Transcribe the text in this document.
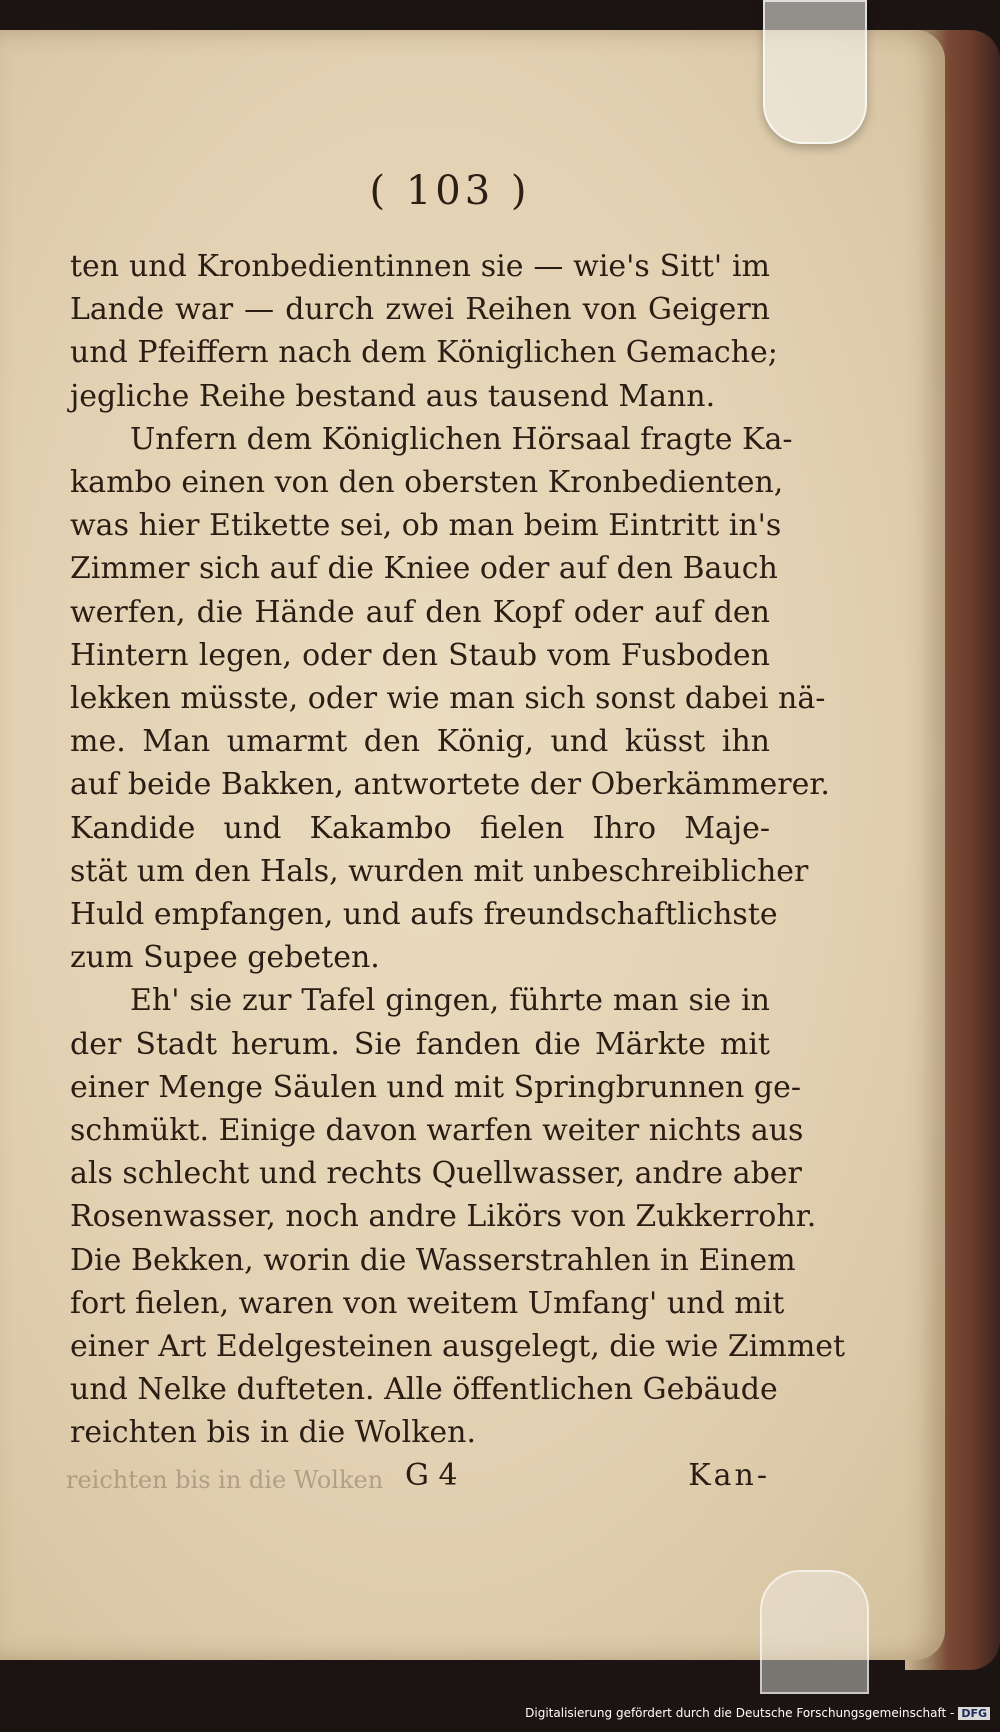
( 103 )
ten und Kronbedientinnen sie — wie's Sitt' im
Lande war — durch zwei Reihen von Geigern
und Pfeiffern nach dem Königlichen Gemache;
jegliche Reihe bestand aus tausend Mann.
Unfern dem Königlichen Hörsaal fragte Ka-
kambo einen von den obersten Kronbedienten,
was hier Etikette sei, ob man beim Eintritt in's
Zimmer sich auf die Kniee oder auf den Bauch
werfen, die Hände auf den Kopf oder auf den
Hintern legen, oder den Staub vom Fusboden
lekken müsste, oder wie man sich sonst dabei nä-
me. Man umarmt den König, und küsst ihn
auf beide Bakken, antwortete der Oberkämmerer.
Kandide und Kakambo fielen Ihro Maje-
stät um den Hals, wurden mit unbeschreiblicher
Huld empfangen, und aufs freundschaftlichste
zum Supee gebeten.
Eh' sie zur Tafel gingen, führte man sie in
der Stadt herum. Sie fanden die Märkte mit
einer Menge Säulen und mit Springbrunnen ge-
schmükt. Einige davon warfen weiter nichts aus
als schlecht und rechts Quellwasser, andre aber
Rosenwasser, noch andre Likörs von Zukkerrohr.
Die Bekken, worin die Wasserstrahlen in Einem
fort fielen, waren von weitem Umfang' und mit
einer Art Edelgesteinen ausgelegt, die wie Zimmet
und Nelke dufteten. Alle öffentlichen Gebäude
reichten bis in die Wolken.
reichten bis in die Wolken G 4	Kan-
Digitalisierung gefördert durch die Deutsche Forschungsgemeinschaft - DFG
